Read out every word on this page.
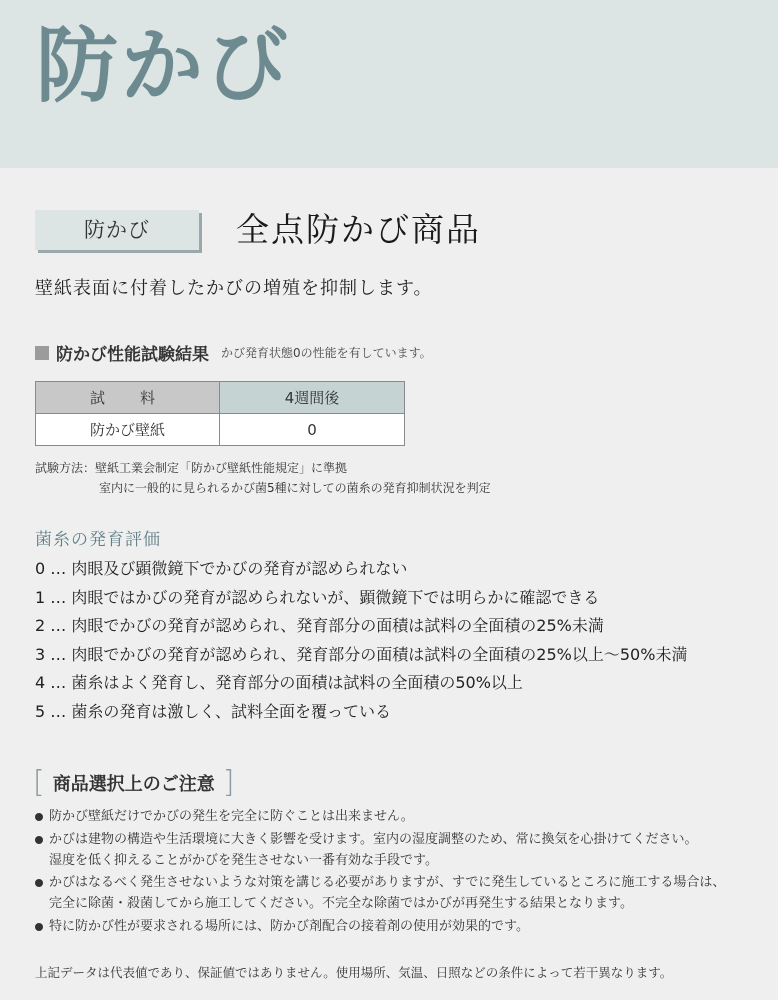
防かび
防かび	全点防かび商品
壁紙表面に付着したかびの増殖を抑制します。
防かび性能試験結果 かび発育状態0の性能を有しています。
試　料	4週間後
防かび壁紙	0
試験方法：壁紙工業会制定「防かび壁紙性能規定」に準拠
室内に一般的に見られるかび菌5種に対しての菌糸の発育抑制状況を判定
菌糸の発育評価
0 … 肉眼及び顕微鏡下でかびの発育が認められない
1 … 肉眼ではかびの発育が認められないが、顕微鏡下では明らかに確認できる
2 … 肉眼でかびの発育が認められ、発育部分の面積は試料の全面積の25%未満
3 … 肉眼でかびの発育が認められ、発育部分の面積は試料の全面積の25%以上〜50%未満
4 … 菌糸はよく発育し、発育部分の面積は試料の全面積の50%以上
5 … 菌糸の発育は激しく、試料全面を覆っている
[ 商品選択上のご注意 ]
防かび壁紙だけでかびの発生を完全に防ぐことは出来ません。
かびは建物の構造や生活環境に大きく影響を受けます。室内の湿度調整のため、常に換気を心掛けてください。
湿度を低く抑えることがかびを発生させない一番有効な手段です。
かびはなるべく発生させないような対策を講じる必要がありますが、すでに発生しているところに施工する場合は、
完全に除菌・殺菌してから施工してください。不完全な除菌ではかびが再発生する結果となります。
特に防かび性が要求される場所には、防かび剤配合の接着剤の使用が効果的です。
上記データは代表値であり、保証値ではありません。使用場所、気温、日照などの条件によって若干異なります。
